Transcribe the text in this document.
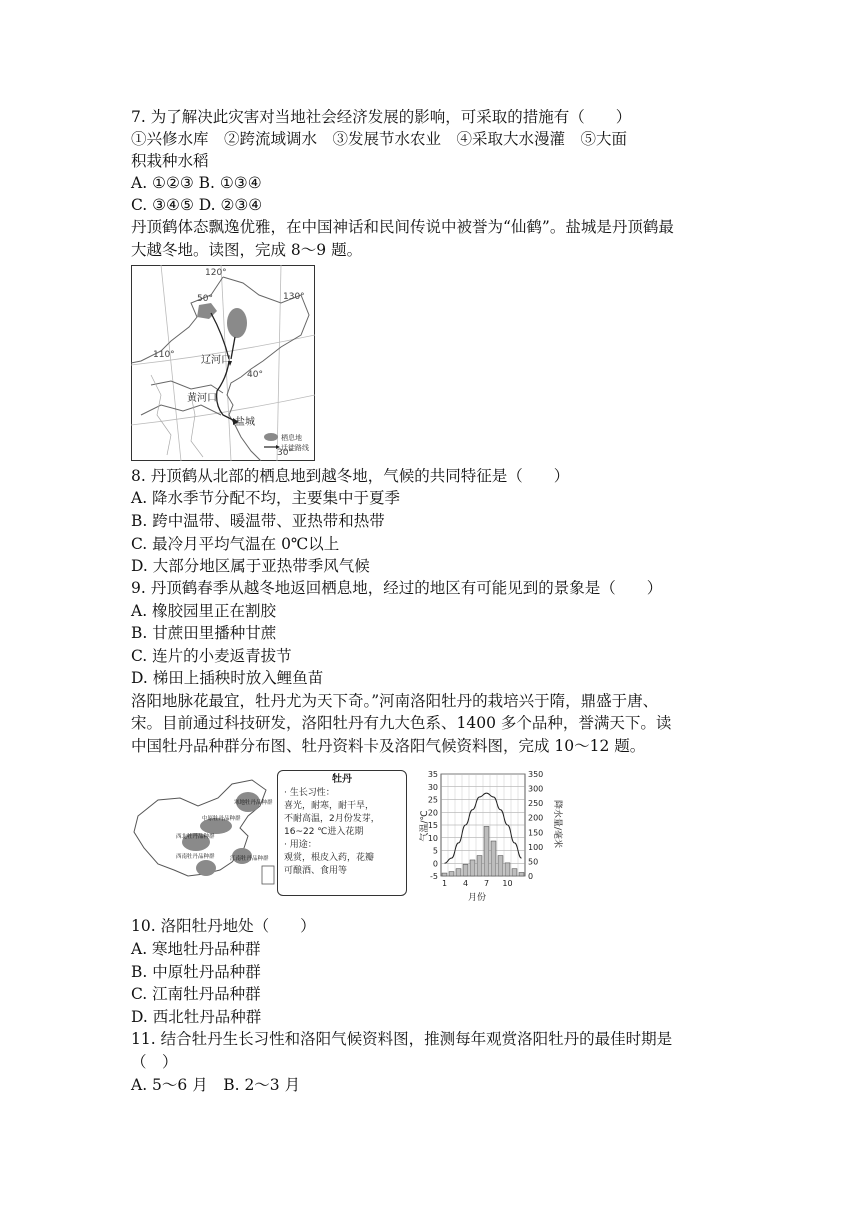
7. 为了解决此灾害对当地社会经济发展的影响，可采取的措施有（　　）
①兴修水库　②跨流域调水　③发展节水农业　④采取大水漫灌　⑤大面
积栽种水稻
A. ①②③ B. ①③④
C. ③④⑤ D. ②③④
丹顶鹤体态飘逸优雅，在中国神话和民间传说中被誉为“仙鹤”。盐城是丹顶鹤最
大越冬地。读图，完成 8～9 题。
120°
130°
50°
110°
40°
30°
辽河口
黄河口
盐城
栖息地
迁徙路线
8. 丹顶鹤从北部的栖息地到越冬地，气候的共同特征是（　　）
A. 降水季节分配不均，主要集中于夏季
B. 跨中温带、暖温带、亚热带和热带
C. 最冷月平均气温在 0℃以上
D. 大部分地区属于亚热带季风气候
9. 丹顶鹤春季从越冬地返回栖息地，经过的地区有可能见到的景象是（　　）
A. 橡胶园里正在割胶
B. 甘蔗田里播种甘蔗
C. 连片的小麦返青拔节
D. 梯田上插秧时放入鲤鱼苗
洛阳地脉花最宜，牡丹尤为天下奇。”河南洛阳牡丹的栽培兴于隋，鼎盛于唐、
宋。目前通过科技研发，洛阳牡丹有九大色系、1400 多个品种，誉满天下。读
中国牡丹品种群分布图、牡丹资料卡及洛阳气候资料图，完成 10～12 题。
寒地牡丹品种群
中原牡丹品种群
西北牡丹品种群
西南牡丹品种群	江南牡丹品种群
牡丹
· 生长习性：
喜光，耐寒，耐干旱，
不耐高温，2月份发芽，
16~22 ℃进入花期
· 用途：
观赏，根皮入药，花瓣
可酿酒、食用等
-5
0
5
10
15
20
25
30
35
0
50
100
150
200
250
300
350
1 4 7 10
气温/℃	降水量/毫米
月份
10. 洛阳牡丹地处（　　）
A. 寒地牡丹品种群
B. 中原牡丹品种群
C. 江南牡丹品种群
D. 西北牡丹品种群
11. 结合牡丹生长习性和洛阳气候资料图，推测每年观赏洛阳牡丹的最佳时期是
（　）
A. 5～6 月　B. 2～3 月
